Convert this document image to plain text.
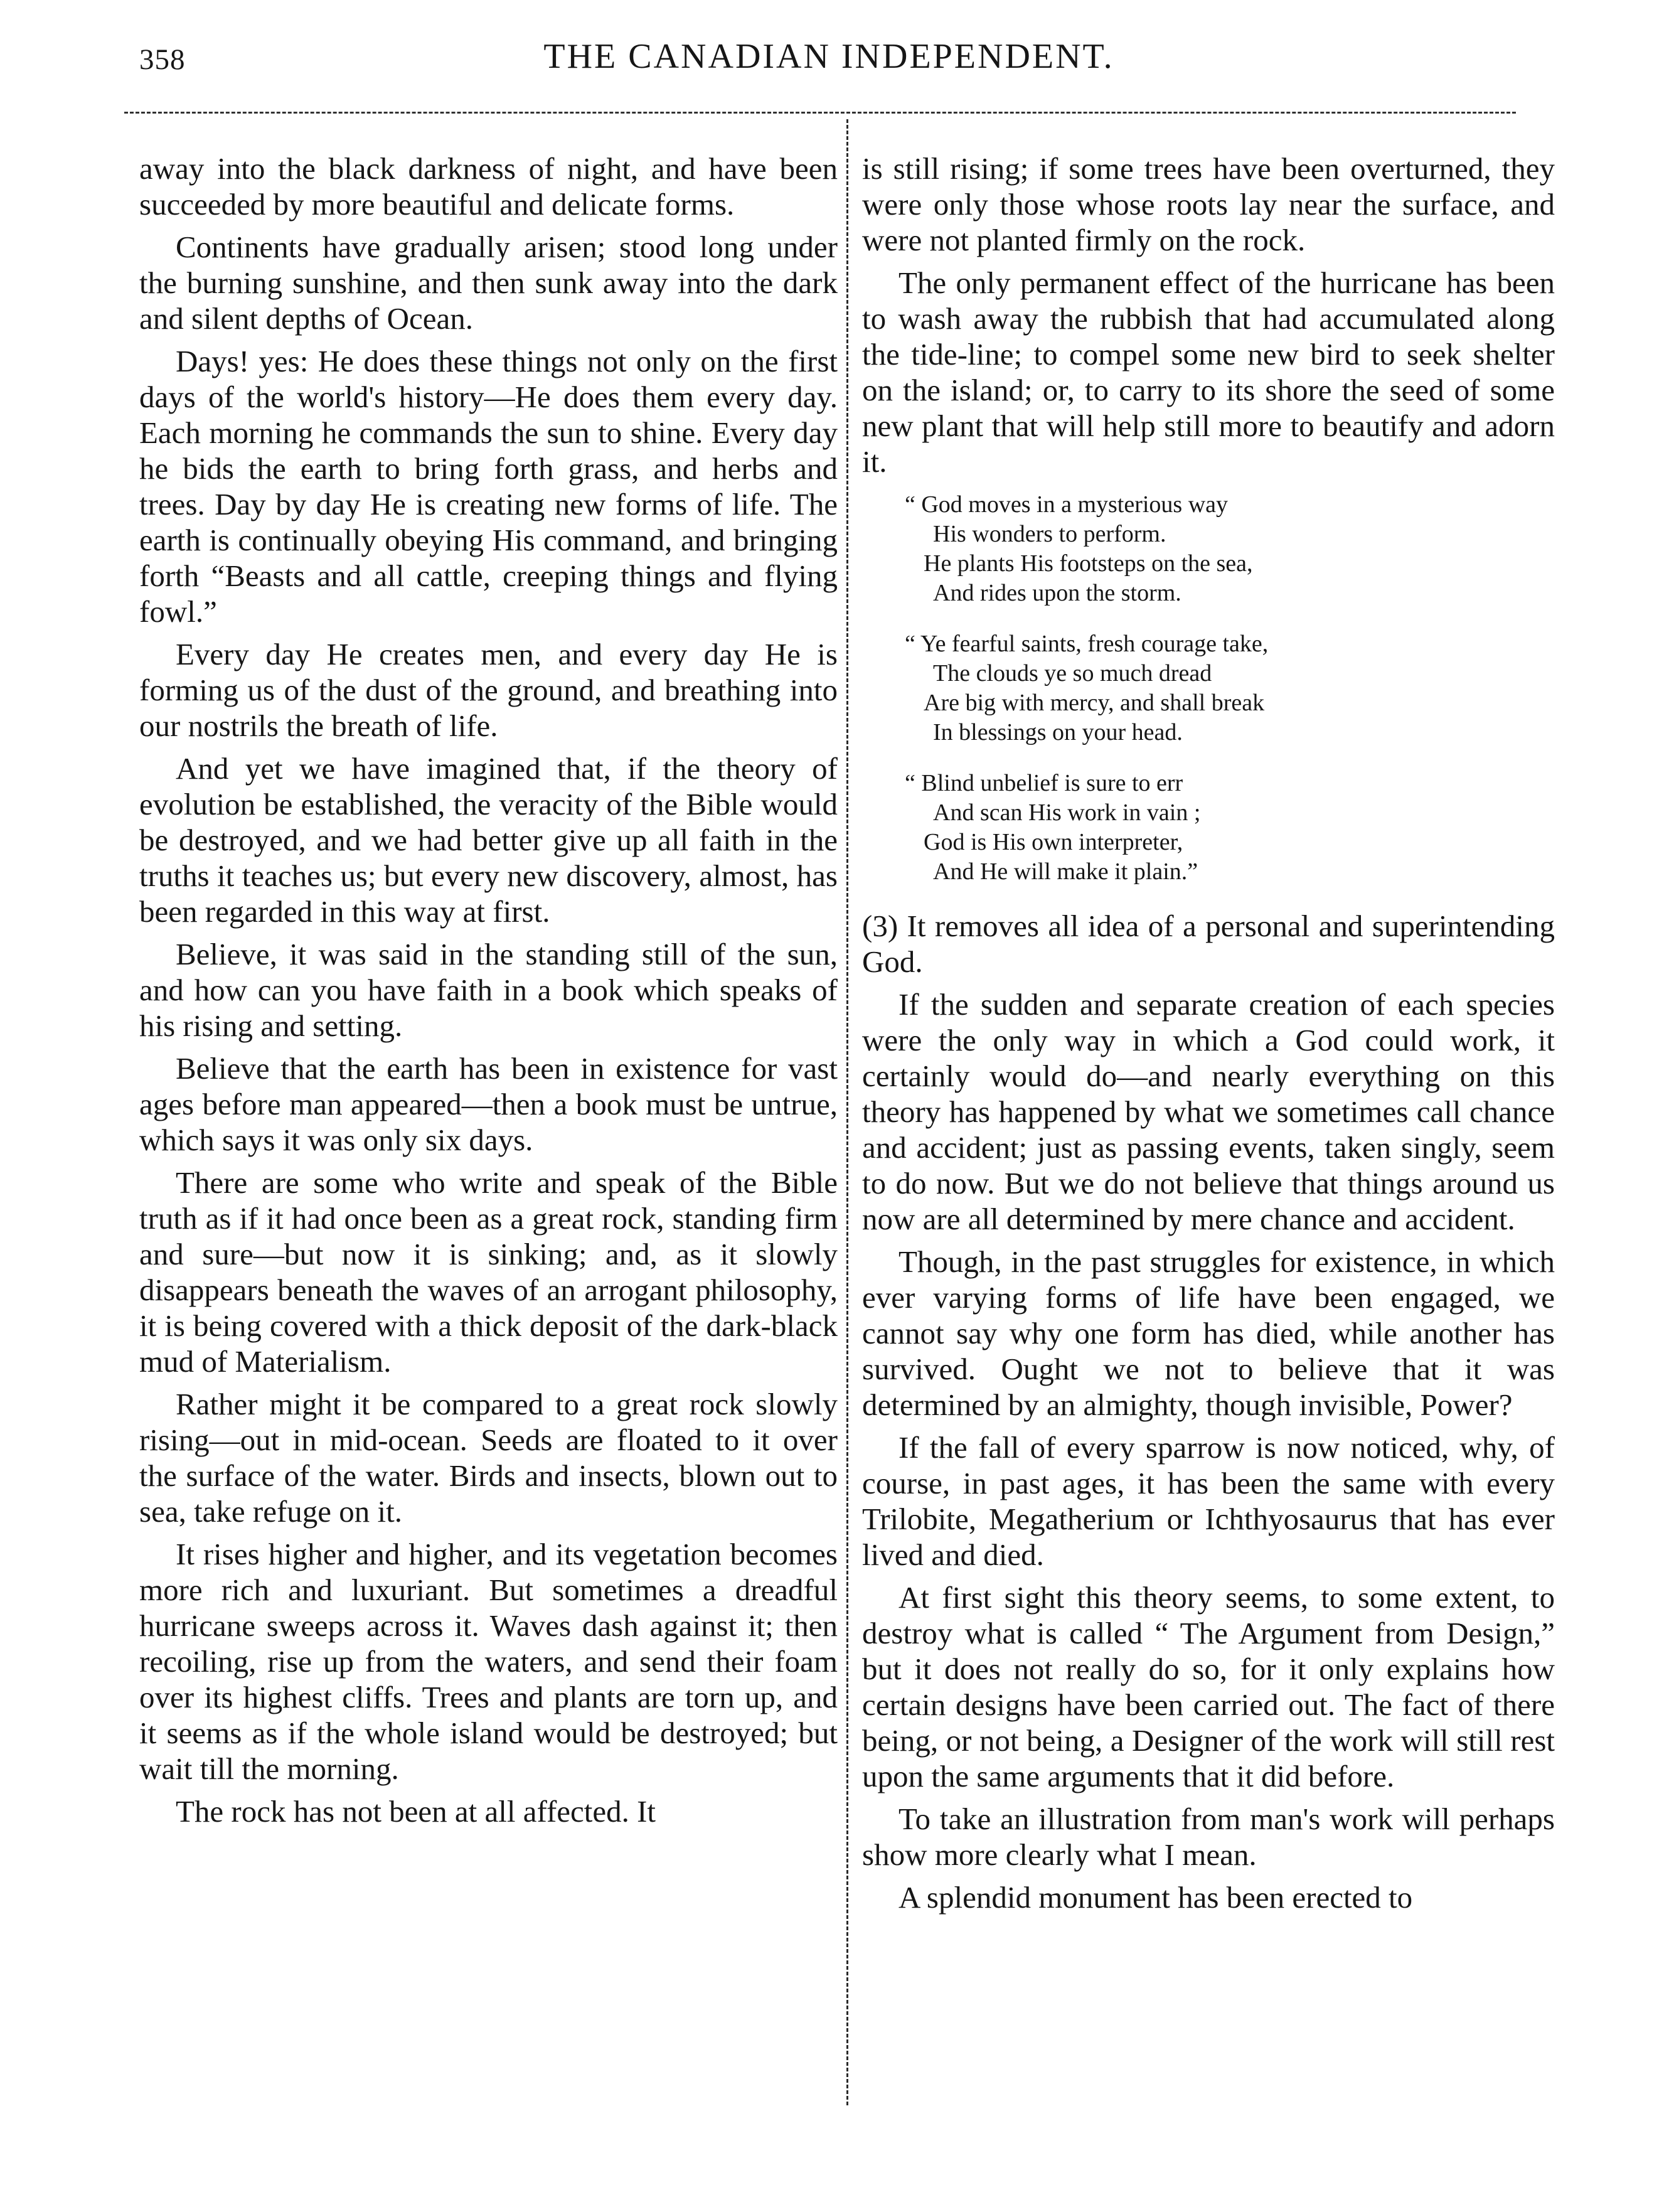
358	THE CANADIAN INDEPENDENT.

away into the black darkness of night, and have been succeeded by more beautiful and delicate forms.

Continents have gradually arisen; stood long under the burning sunshine, and then sunk away into the dark and silent depths of Ocean.

Days! yes: He does these things not only on the first days of the world's history—He does them every day. Each morning he commands the sun to shine. Every day he bids the earth to bring forth grass, and herbs and trees. Day by day He is creating new forms of life. The earth is continually obeying His command, and bringing forth “Beasts and all cattle, creeping things and flying fowl.”

Every day He creates men, and every day He is forming us of the dust of the ground, and breathing into our nostrils the breath of life.

And yet we have imagined that, if the theory of evolution be established, the veracity of the Bible would be destroyed, and we had better give up all faith in the truths it teaches us; but every new discovery, almost, has been regarded in this way at first.

Believe, it was said in the standing still of the sun, and how can you have faith in a book which speaks of his rising and setting.

Believe that the earth has been in existence for vast ages before man appeared—then a book must be untrue, which says it was only six days.

There are some who write and speak of the Bible truth as if it had once been as a great rock, standing firm and sure—but now it is sinking; and, as it slowly disappears beneath the waves of an arrogant philosophy, it is being covered with a thick deposit of the dark-black mud of Materialism.

Rather might it be compared to a great rock slowly rising—out in mid-ocean. Seeds are floated to it over the surface of the water. Birds and insects, blown out to sea, take refuge on it.

It rises higher and higher, and its vegetation becomes more rich and luxuriant. But sometimes a dreadful hurricane sweeps across it. Waves dash against it; then recoiling, rise up from the waters, and send their foam over its highest cliffs. Trees and plants are torn up, and it seems as if the whole island would be destroyed; but wait till the morning.

The rock has not been at all affected. It

is still rising; if some trees have been overturned, they were only those whose roots lay near the surface, and were not planted firmly on the rock.

The only permanent effect of the hurricane has been to wash away the rubbish that had accumulated along the tide-line; to compel some new bird to seek shelter on the island; or, to carry to its shore the seed of some new plant that will help still more to beautify and adorn it.

“ God moves in a mysterious way
His wonders to perform.
He plants His footsteps on the sea,
And rides upon the storm.
“ Ye fearful saints, fresh courage take,
The clouds ye so much dread
Are big with mercy, and shall break
In blessings on your head.
“ Blind unbelief is sure to err
And scan His work in vain ;
God is His own interpreter,
And He will make it plain.”

(3) It removes all idea of a personal and superintending God.

If the sudden and separate creation of each species were the only way in which a God could work, it certainly would do—and nearly everything on this theory has happened by what we sometimes call chance and accident; just as passing events, taken singly, seem to do now. But we do not believe that things around us now are all determined by mere chance and accident.

Though, in the past struggles for existence, in which ever varying forms of life have been engaged, we cannot say why one form has died, while another has survived. Ought we not to believe that it was determined by an almighty, though invisible, Power?

If the fall of every sparrow is now noticed, why, of course, in past ages, it has been the same with every Trilobite, Megatherium or Ichthyosaurus that has ever lived and died.

At first sight this theory seems, to some extent, to destroy what is called “ The Argument from Design,” but it does not really do so, for it only explains how certain designs have been carried out. The fact of there being, or not being, a Designer of the work will still rest upon the same arguments that it did before.

To take an illustration from man's work will perhaps show more clearly what I mean.

A splendid monument has been erected to
